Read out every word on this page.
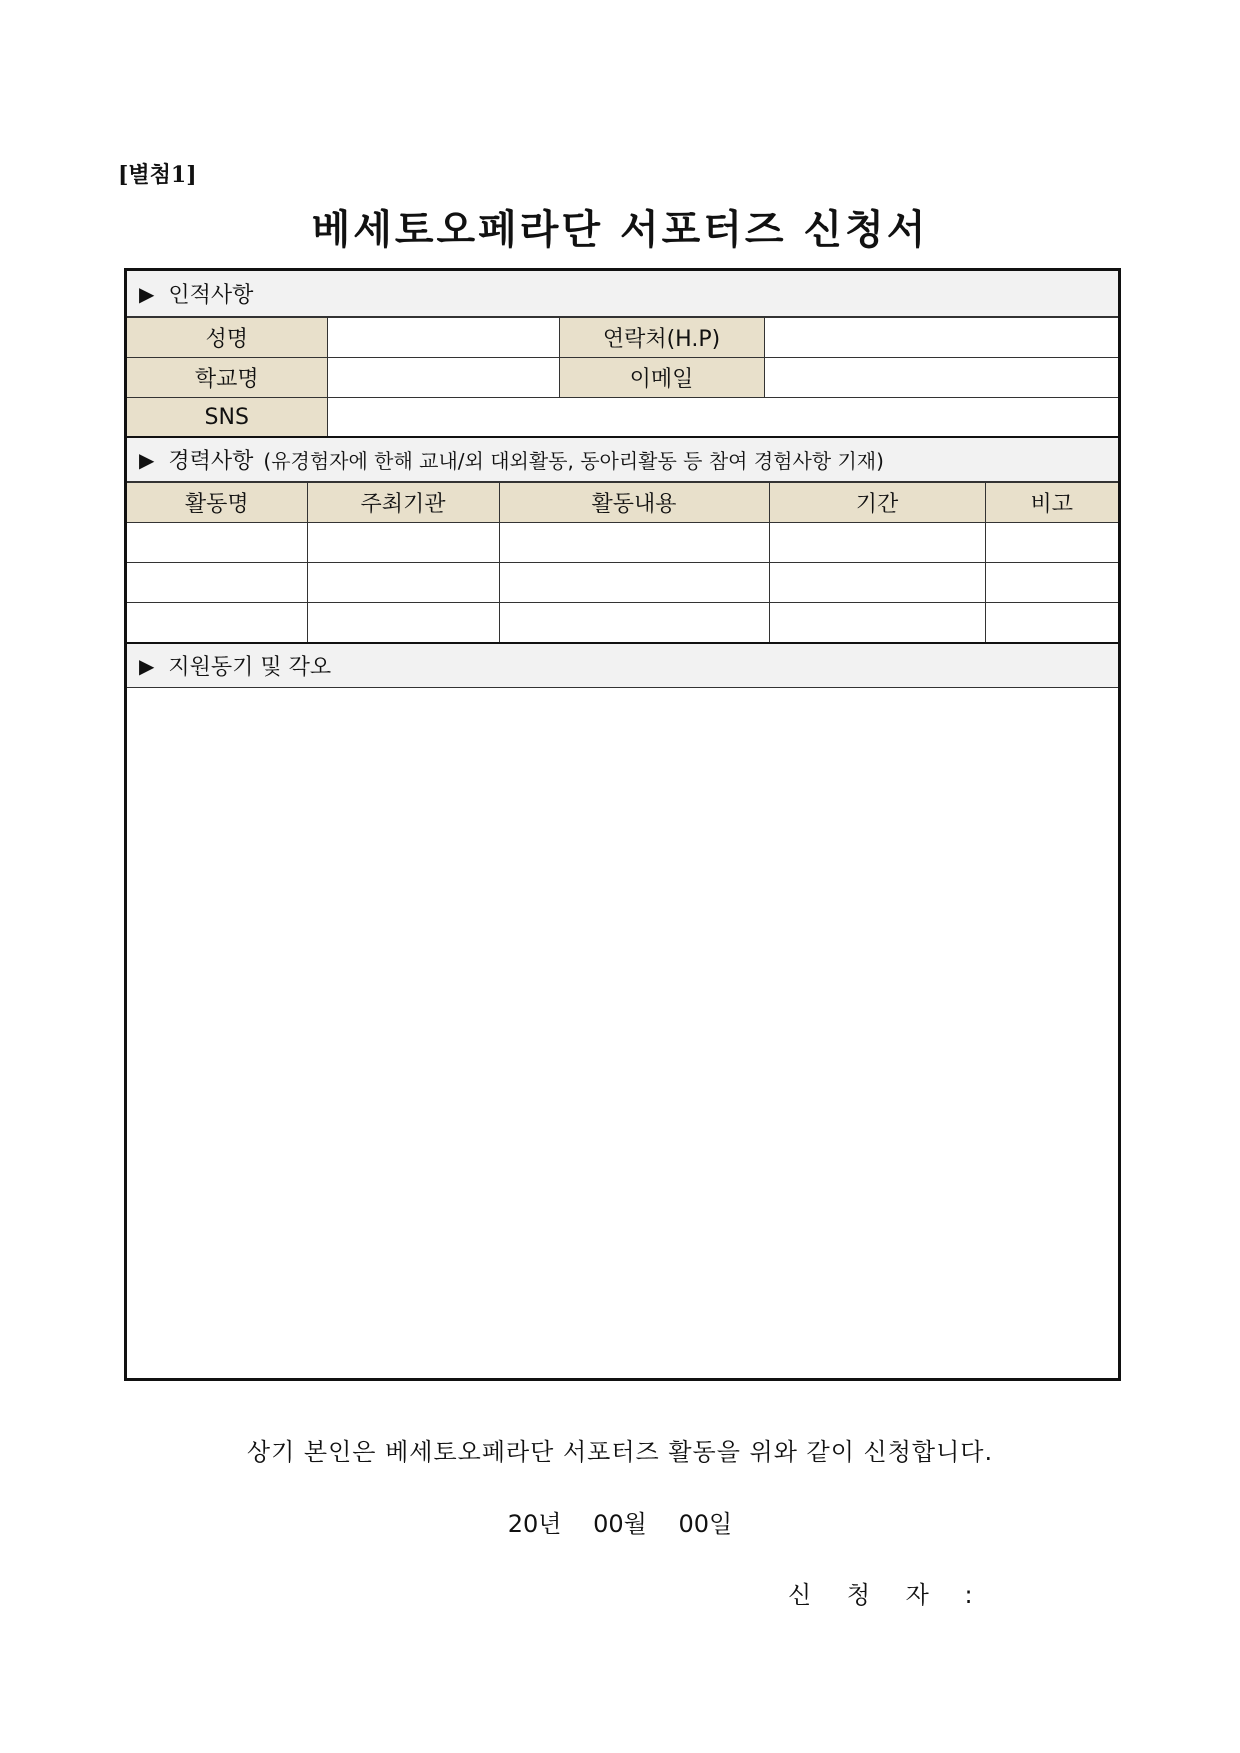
[별첨1]
베세토오페라단 서포터즈 신청서
▶ 인적사항
성명		연락처(H.P)	
학교명		이메일	
SNS			
▶ 경력사항 (유경험자에 한해 교내/외 대외활동, 동아리활동 등 참여 경험사항 기재)
활동명	주최기관	활동내용	기간	비고

▶ 지원동기 및 각오
상기 본인은 베세토오페라단 서포터즈 활동을 위와 같이 신청합니다.
20년 00월 00일
신 청 자 :
